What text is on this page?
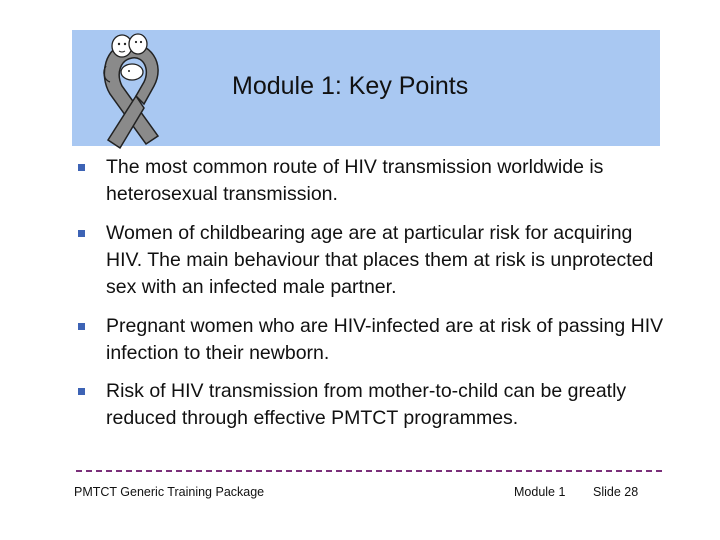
Module 1: Key Points
The most common route of HIV transmission worldwide is heterosexual transmission.
Women of childbearing age are at particular risk for acquiring HIV. The main behaviour that places them at risk is unprotected sex with an infected male partner.
Pregnant women who are HIV-infected are at risk of passing HIV infection to their newborn.
Risk of HIV transmission from mother-to-child can be greatly reduced through effective PMTCT programmes.
PMTCT Generic Training Package	Module 1 Slide 28
